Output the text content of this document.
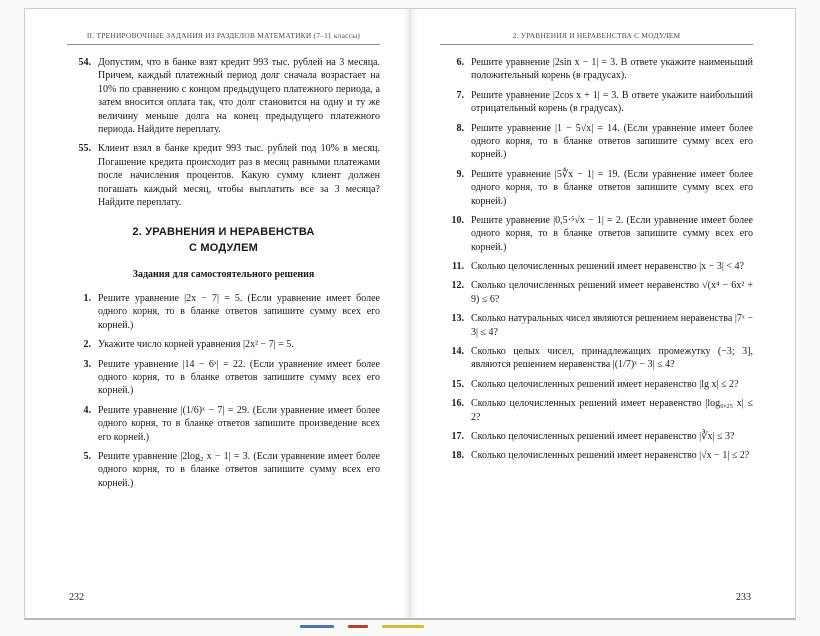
II. ТРЕНИРОВОЧНЫЕ ЗАДАНИЯ ИЗ РАЗДЕЛОВ МАТЕМАТИКИ (7–11 классы)
54. Допустим, что в банке взят кредит 993 тыс. рублей на 3 месяца. Причем, каждый платежный период долг сначала возрастает на 10% по сравнению с концом предыдущего платежного периода, а затем вносится оплата так, что долг становится на одну и ту же величину меньше долга на конец предыдущего платежного периода. Найдите переплату.
55. Клиент взял в банке кредит 993 тыс. рублей под 10% в месяц. Погашение кредита происходит раз в месяц равными платежами после начисления процентов. Какую сумму клиент должен погашать каждый месяц, чтобы выплатить все за 3 месяца? Найдите переплату.
2. УРАВНЕНИЯ И НЕРАВЕНСТВА
С МОДУЛЕМ
Задания для самостоятельного решения
1. Решите уравнение |2x − 7| = 5. (Если уравнение имеет более одного корня, то в бланке ответов запишите сумму всех его корней.)
2. Укажите число корней уравнения |2x² − 7| = 5.
3. Решите уравнение |14 − 6ˣ| = 22. (Если уравнение имеет более одного корня, то в бланке ответов запишите сумму всех его корней.)
4. Решите уравнение |(1/6)ˣ − 7| = 29. (Если уравнение имеет более одного корня, то в бланке ответов запишите произведение всех его корней.)
5. Решите уравнение |2log₂ x − 1| = 3. (Если уравнение имеет более одного корня, то в бланке ответов запишите сумму всех его корней.)
232
2. УРАВНЕНИЯ И НЕРАВЕНСТВА С МОДУЛЕМ
6. Решите уравнение |2sin x − 1| = 3. В ответе укажите наименьший положительный корень (в градусах).
7. Решите уравнение |2cos x + 1| = 3. В ответе укажите наибольший отрицательный корень (в градусах).
8. Решите уравнение |1 − 5√x| = 14. (Если уравнение имеет более одного корня, то в бланке ответов запишите сумму всех его корней.)
9. Решите уравнение |5∜x − 1| = 19. (Если уравнение имеет более одного корня, то в бланке ответов запишите сумму всех его корней.)
10. Решите уравнение |0,5·⁵√x − 1| = 2. (Если уравнение имеет более одного корня, то в бланке ответов запишите сумму всех его корней.)
11. Сколько целочисленных решений имеет неравенство |x − 3| < 4?
12. Сколько целочисленных решений имеет неравенство √(x⁴ − 6x² + 9) ≤ 6?
13. Сколько натуральных чисел являются решением неравенства |7ˣ − 3| ≤ 4?
14. Сколько целых чисел, принадлежащих промежутку (−3; 3], являются решением неравенства |(1/7)ˣ − 3| ≤ 4?
15. Сколько целочисленных решений имеет неравенство |lg x| ≤ 2?
16. Сколько целочисленных решений имеет неравенство |log₀,₂₅ x| ≤ 2?
17. Сколько целочисленных решений имеет неравенство |∛x| ≤ 3?
18. Сколько целочисленных решений имеет неравенство |√x − 1| ≤ 2?
233
